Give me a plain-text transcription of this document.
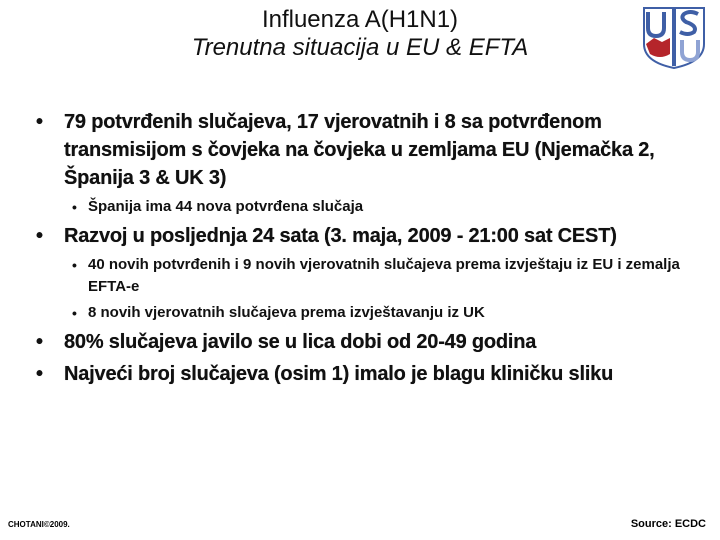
Influenza A(H1N1)
Trenutna situacija u EU & EFTA
• 79 potvrđenih slučajeva, 17 vjerovatnih i 8 sa potvrđenom transmisijom s čovjeka na čovjeka u zemljama EU (Njemačka 2, Španija 3 & UK 3)
• Španija ima 44 nova potvrđena slučaja
• Razvoj u posljednja 24 sata (3. maja, 2009 - 21:00 sat CEST)
• 40 novih potvrđenih i 9 novih vjerovatnih slučajeva prema izvještaju iz EU i zemalja EFTA-e
• 8 novih vjerovatnih slučajeva prema izvještavanju iz UK
• 80% slučajeva javilo se u lica dobi od 20-49 godina
• Najveći broj slučajeva (osim 1) imalo je blagu kliničku sliku
CHOTANI©2009.	Source: ECDC
